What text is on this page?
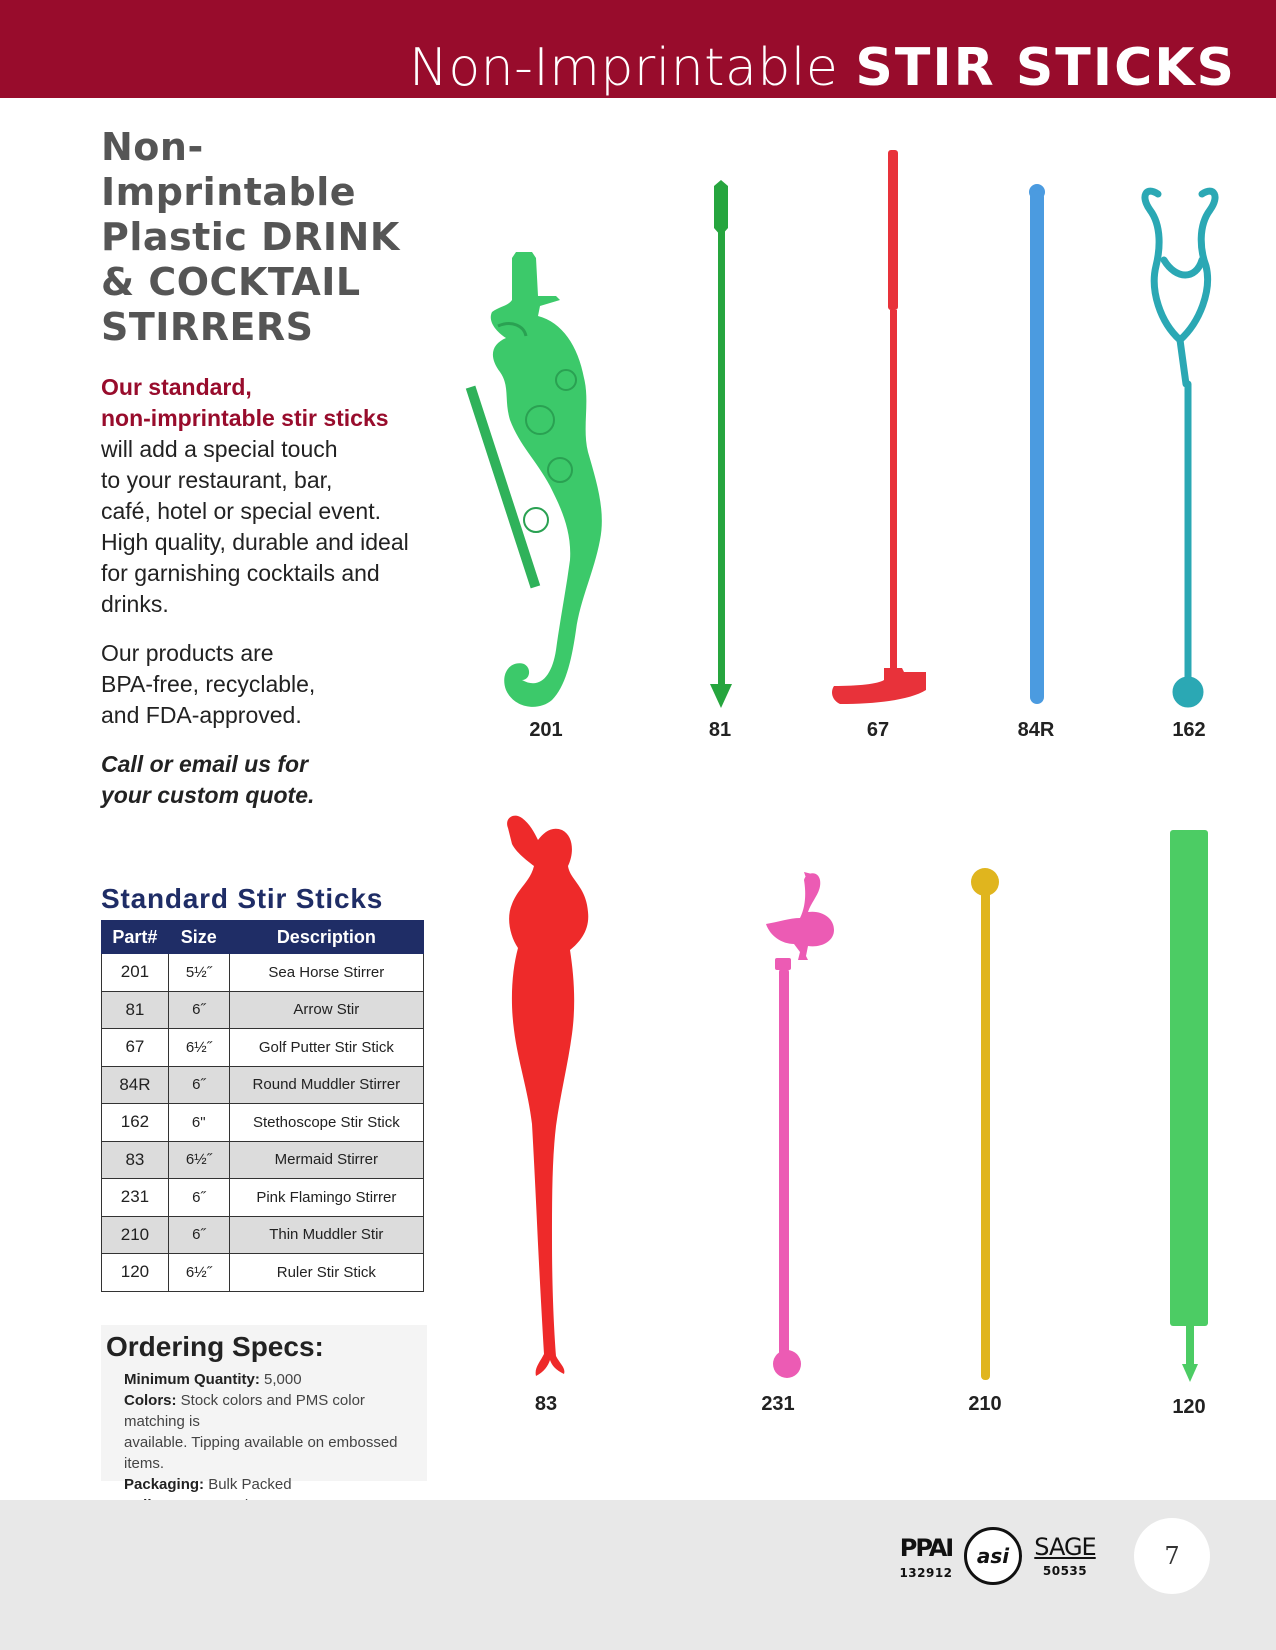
Non-Imprintable STIR STICKS
Non-Imprintable
Plastic DRINK
& COCKTAIL
STIRRERS
Our standard,
non-imprintable stir sticks
will add a special touch
to your restaurant, bar,
café, hotel or special event.
High quality, durable and ideal
for garnishing cocktails and
drinks.
Our products are
BPA-free, recyclable,
and FDA-approved.
Call or email us for
your custom quote.
Standard Stir Sticks
Part#	Size	Description
201	5½˝	Sea Horse Stirrer
81	6˝	Arrow Stir
67	6½˝	Golf Putter Stir Stick
84R	6˝	Round Muddler Stirrer
162	6"	Stethoscope Stir Stick
83	6½˝	Mermaid Stirrer
231	6˝	Pink Flamingo Stirrer
210	6˝	Thin Muddler Stir
120	6½˝	Ruler Stir Stick
Ordering Specs:
Minimum Quantity: 5,000
Colors: Stock colors and PMS color matching is
available. Tipping available on embossed items.
Packaging: Bulk Packed
201	81	67	84R	162
83	231	210	120
PPAI
132912
asi SAGE
50535
7
